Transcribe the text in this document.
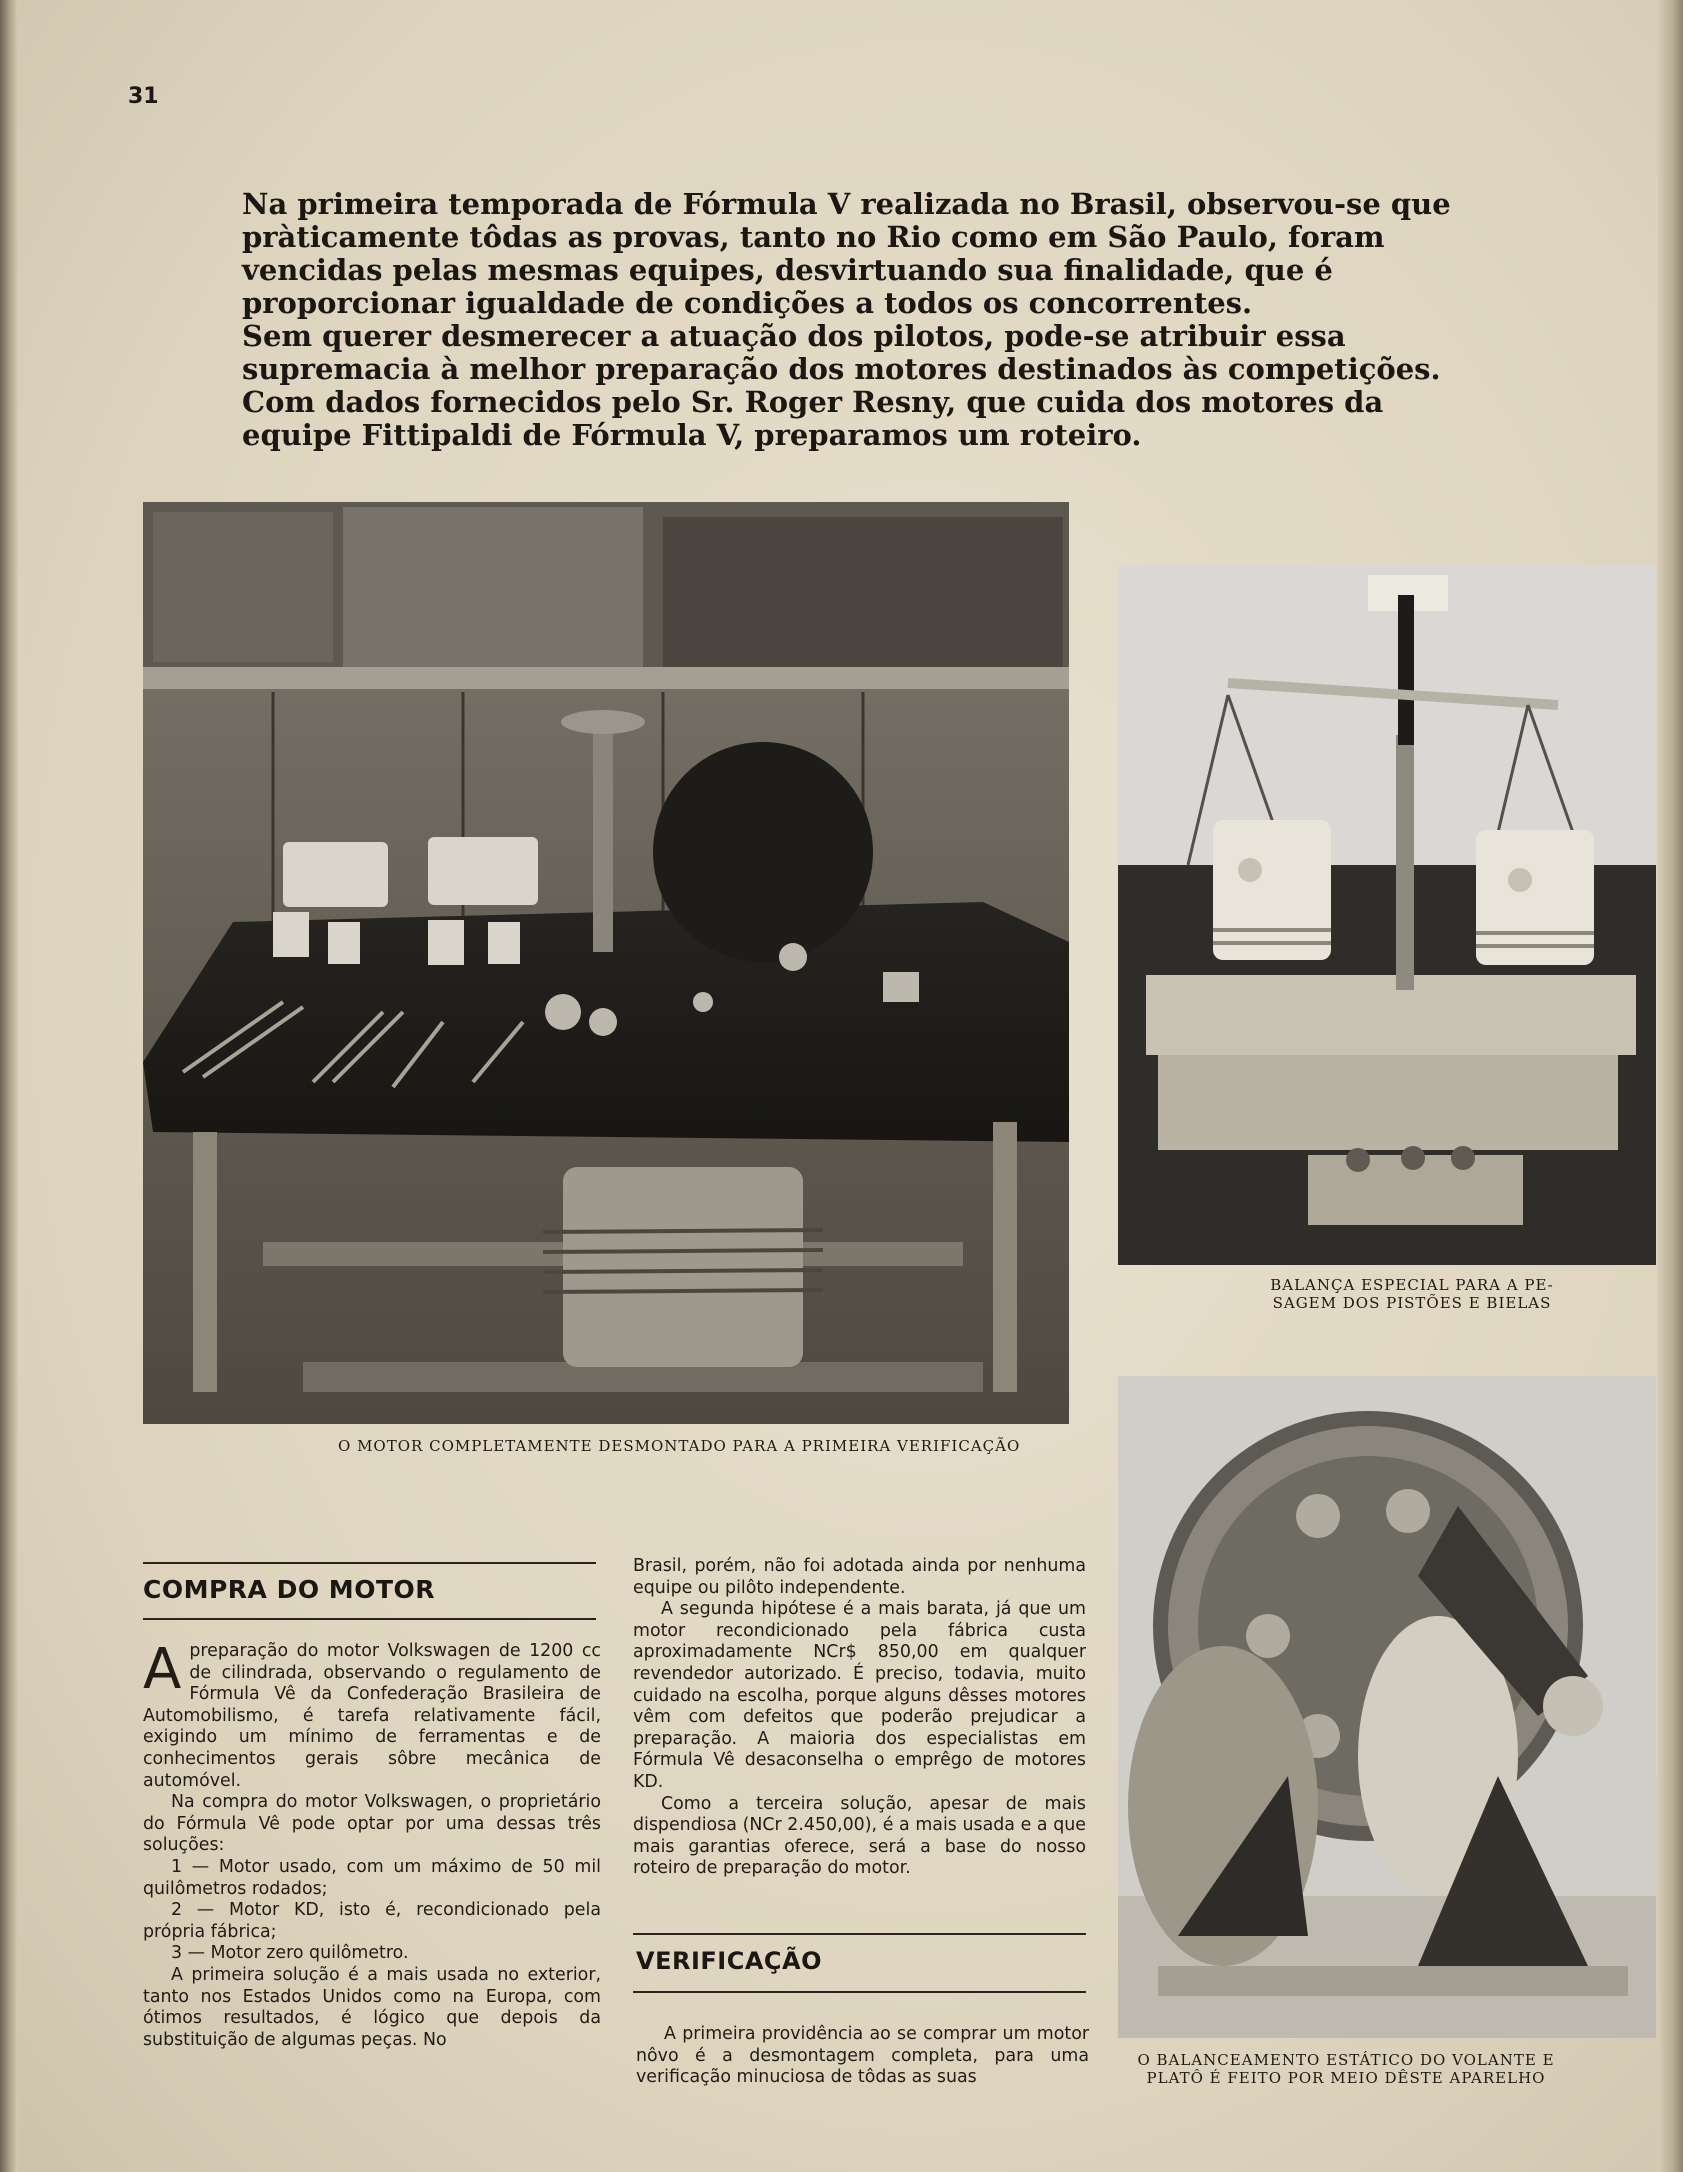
31

Na primeira temporada de Fórmula V realizada no Brasil, observou-se que pràticamente tôdas as provas, tanto no Rio como em São Paulo, foram vencidas pelas mesmas equipes, desvirtuando sua finalidade, que é proporcionar igualdade de condições a todos os concorrentes.

Sem querer desmerecer a atuação dos pilotos, pode-se atribuir essa supremacia à melhor preparação dos motores destinados às competições.

Com dados fornecidos pelo Sr. Roger Resny, que cuida dos motores da equipe Fittipaldi de Fórmula V, preparamos um roteiro.

O MOTOR COMPLETAMENTE DESMONTADO PARA A PRIMEIRA VERIFICAÇÃO
BALANÇA ESPECIAL PARA A PE-
SAGEM DOS PISTÕES E BIELAS
O BALANCEAMENTO ESTÁTICO DO VOLANTE E
PLATÔ É FEITO POR MEIO DÊSTE APARELHO
COMPRA DO MOTOR

Apreparação do motor Volkswagen de 1200 cc de cilindrada, observando o regulamento de Fórmula Vê da Confederação Brasileira de Automobilismo, é tarefa relativamente fácil, exigindo um mínimo de ferramentas e de conhecimentos gerais sôbre mecânica de automóvel.

Na compra do motor Volkswagen, o proprietário do Fórmula Vê pode optar por uma dessas três soluções:

1 — Motor usado, com um máximo de 50 mil quilômetros rodados;

2 — Motor KD, isto é, recondicionado pela própria fábrica;

3 — Motor zero quilômetro.

A primeira solução é a mais usada no exterior, tanto nos Estados Unidos como na Europa, com ótimos resultados, é lógico que depois da substituição de algumas peças. No

Brasil, porém, não foi adotada ainda por nenhuma equipe ou pilôto independente.

A segunda hipótese é a mais barata, já que um motor recondicionado pela fábrica custa aproximadamente NCr$ 850,00 em qualquer revendedor autorizado. É preciso, todavia, muito cuidado na escolha, porque alguns dêsses motores vêm com defeitos que poderão prejudicar a preparação. A maioria dos especialistas em Fórmula Vê desaconselha o emprêgo de motores KD.

Como a terceira solução, apesar de mais dispendiosa (NCr 2.450,00), é a mais usada e a que mais garantias oferece, será a base do nosso roteiro de preparação do motor.

VERIFICAÇÃO

A primeira providência ao se comprar um motor nôvo é a desmontagem completa, para uma verificação minuciosa de tôdas as suas
